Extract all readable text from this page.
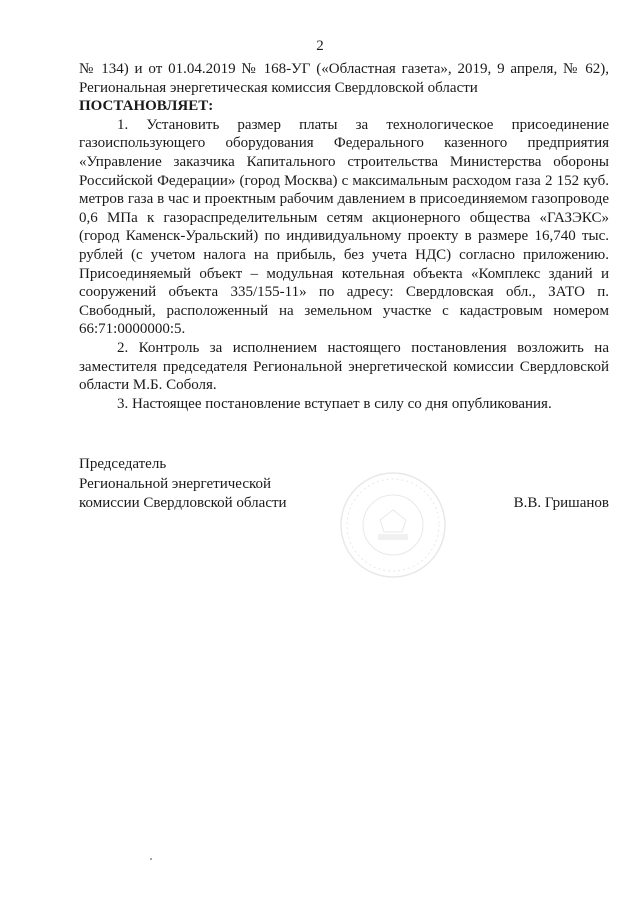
2

№ 134) и от 01.04.2019 № 168-УГ («Областная газета», 2019, 9 апреля, № 62),

Региональная энергетическая комиссия Свердловской области

ПОСТАНОВЛЯЕТ:

1. Установить размер платы за технологическое присоединение газоиспользующего оборудования Федерального казенного предприятия «Управление заказчика Капитального строительства Министерства обороны Российской Федерации» (город Москва) с максимальным расходом газа 2 152 куб. метров газа в час и проектным рабочим давлением в присоединяемом газопроводе 0,6 МПа к газораспределительным сетям акционерного общества «ГАЗЭКС» (город Каменск-Уральский) по индивидуальному проекту в размере 16,740 тыс. рублей (с учетом налога на прибыль, без учета НДС) согласно приложению. Присоединяемый объект – модульная котельная объекта «Комплекс зданий и сооружений объекта 335/155-11» по адресу: Свердловская обл., ЗАТО п. Свободный, расположенный на земельном участке с кадастровым номером 66:71:0000000:5.

2. Контроль за исполнением настоящего постановления возложить на заместителя председателя Региональной энергетической комиссии Свердловской области М.Б. Соболя.

3. Настоящее постановление вступает в силу со дня опубликования.

Председатель
Региональной энергетической
комиссии Свердловской области	В.В. Гришанов
